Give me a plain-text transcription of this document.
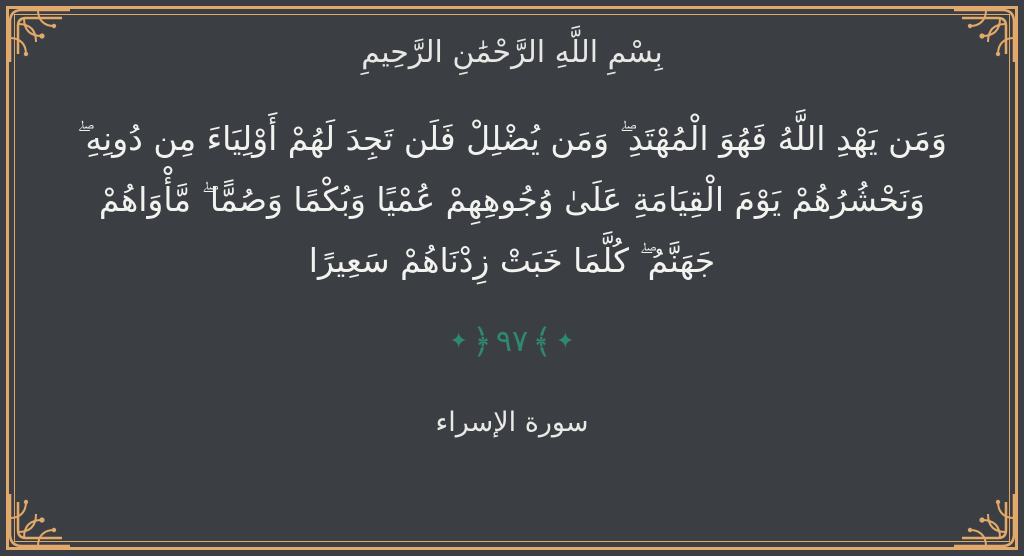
بِسْمِ اللَّهِ الرَّحْمَٰنِ الرَّحِيمِ
وَمَن يَهْدِ اللَّهُ فَهُوَ الْمُهْتَدِ ۖ وَمَن يُضْلِلْ فَلَن تَجِدَ لَهُمْ أَوْلِيَاءَ مِن دُونِهِ ۖ وَنَحْشُرُهُمْ يَوْمَ الْقِيَامَةِ عَلَىٰ وُجُوهِهِمْ عُمْيًا وَبُكْمًا وَصُمًّا ۖ مَّأْوَاهُمْ جَهَنَّمُ ۖ كُلَّمَا خَبَتْ زِدْنَاهُمْ سَعِيرًا
✦ ﴿ ٩٧ ﴾ ✦
سورة الإسراء
